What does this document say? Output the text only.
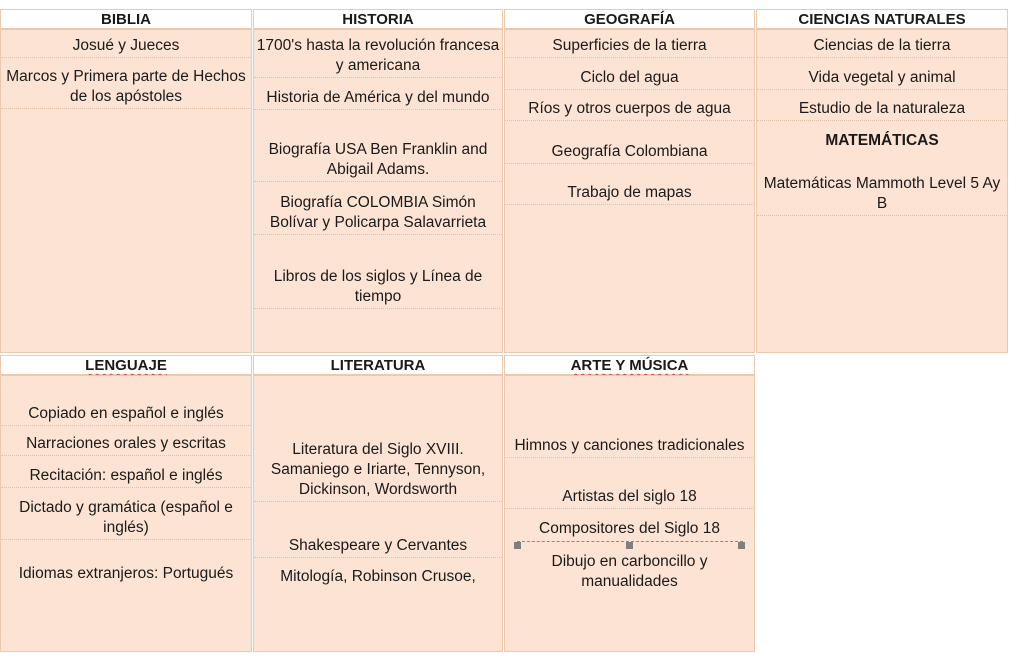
BIBLIA
Josué y Jueces
Marcos y Primera parte de Hechos de los apóstoles
HISTORIA
1700's hasta la revolución francesa y americana
Historia de América y del mundo
Biografía USA Ben Franklin and Abigail Adams.
Biografía COLOMBIA Simón Bolívar y Policarpa Salavarrieta
Libros de los siglos y Línea de tiempo
GEOGRAFÍA
Superficies de la tierra
Ciclo del agua
Ríos y otros cuerpos de agua
Geografía Colombiana
Trabajo de mapas
CIENCIAS NATURALES
Ciencias de la tierra
Vida vegetal y animal
Estudio de la naturaleza
MATEMÁTICAS
Matemáticas Mammoth Level 5 Ay B
LENGUAJE
Copiado en español e inglés
Narraciones orales y escritas
Recitación: español e inglés
Dictado y gramática (español e inglés)
Idiomas extranjeros: Portugués
LITERATURA
Literatura del Siglo XVIII. Samaniego e Iriarte, Tennyson, Dickinson, Wordsworth
Shakespeare y Cervantes
Mitología, Robinson Crusoe,
ARTE Y MÚSICA
Himnos y canciones tradicionales
Artistas del siglo 18
Compositores del Siglo 18
Dibujo en carboncillo y manualidades
